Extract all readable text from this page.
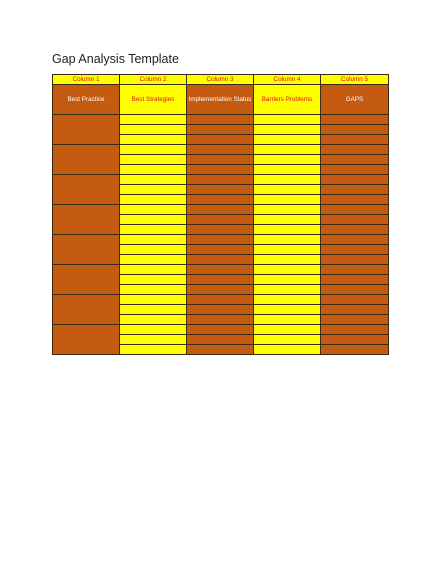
Gap Analysis Template
Column 1	Column 2	Column 3	Column 4	Column 5
Best Practice	Best Strategies	Implementation Status	Barriers Problems	GAPS
